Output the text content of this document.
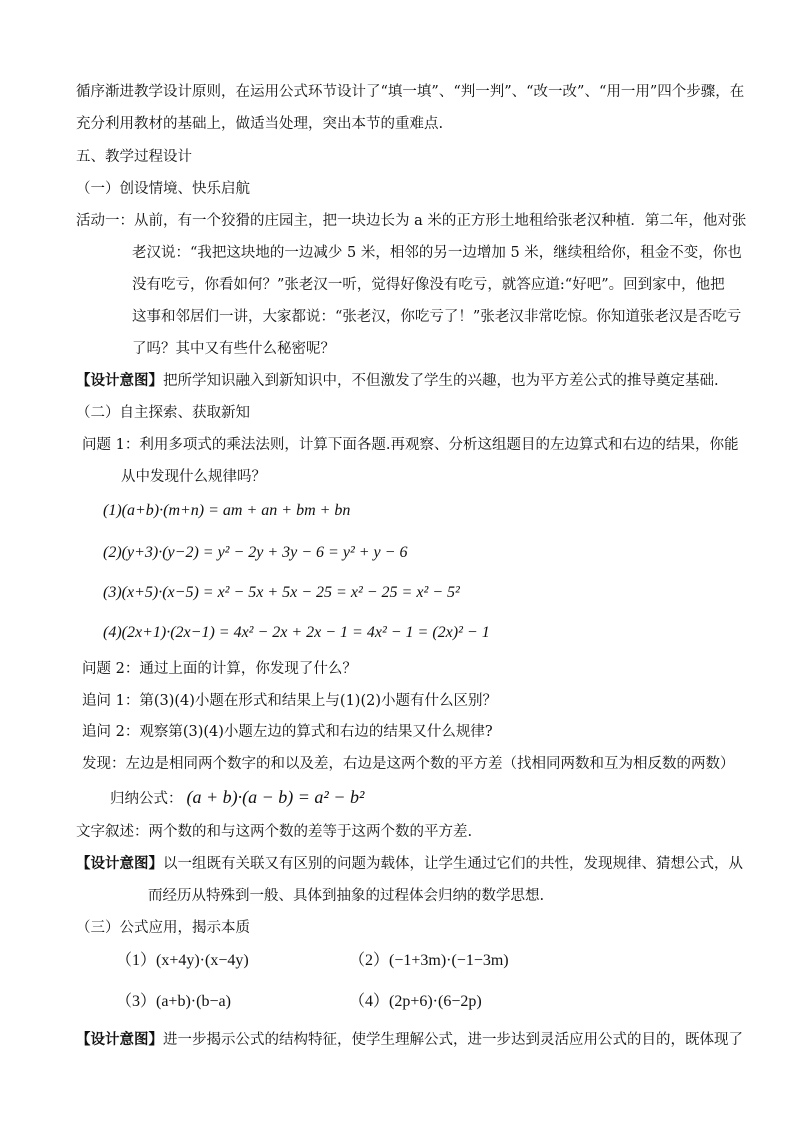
循序渐进教学设计原则，在运用公式环节设计了“填一填”、“判一判”、“改一改”、“用一用”四个步骤，在
充分利用教材的基础上，做适当处理，突出本节的重难点.
五、教学过程设计
（一）创设情境、快乐启航
活动一：从前，有一个狡猾的庄园主，把一块边长为 a 米的正方形土地租给张老汉种植．第二年，他对张
老汉说：“我把这块地的一边减少 5 米，相邻的另一边增加 5 米，继续租给你，租金不变，你也
没有吃亏，你看如何？”张老汉一听，觉得好像没有吃亏，就答应道:“好吧”。回到家中，他把
这事和邻居们一讲，大家都说：“张老汉，你吃亏了！”张老汉非常吃惊。你知道张老汉是否吃亏
了吗？其中又有些什么秘密呢？
【设计意图】把所学知识融入到新知识中，不但激发了学生的兴趣，也为平方差公式的推导奠定基础.
（二）自主探索、获取新知
问题 1：利用多项式的乘法法则，计算下面各题.再观察、分析这组题目的左边算式和右边的结果，你能
从中发现什么规律吗？
(1)(a+b)·(m+n) = am + an + bm + bn
(2)(y+3)·(y−2) = y² − 2y + 3y − 6 = y² + y − 6
(3)(x+5)·(x−5) = x² − 5x + 5x − 25 = x² − 25 = x² − 5²
(4)(2x+1)·(2x−1) = 4x² − 2x + 2x − 1 = 4x² − 1 = (2x)² − 1
问题 2：通过上面的计算，你发现了什么？
追问 1：第(3)(4)小题在形式和结果上与(1)(2)小题有什么区别？
追问 2：观察第(3)(4)小题左边的算式和右边的结果又什么规律?
发现：左边是相同两个数字的和以及差，右边是这两个数的平方差（找相同两数和互为相反数的两数）
归纳公式： (a + b)·(a − b) = a² − b²
文字叙述：两个数的和与这两个数的差等于这两个数的平方差.
【设计意图】以一组既有关联又有区别的问题为载体，让学生通过它们的共性，发现规律、猜想公式，从
而经历从特殊到一般、具体到抽象的过程体会归纳的数学思想.
（三）公式应用，揭示本质
（1）(x+4y)·(x−4y)	（2）(−1+3m)·(−1−3m)
（3）(a+b)·(b−a)	（4）(2p+6)·(6−2p)
【设计意图】进一步揭示公式的结构特征，使学生理解公式，进一步达到灵活应用公式的目的，既体现了
